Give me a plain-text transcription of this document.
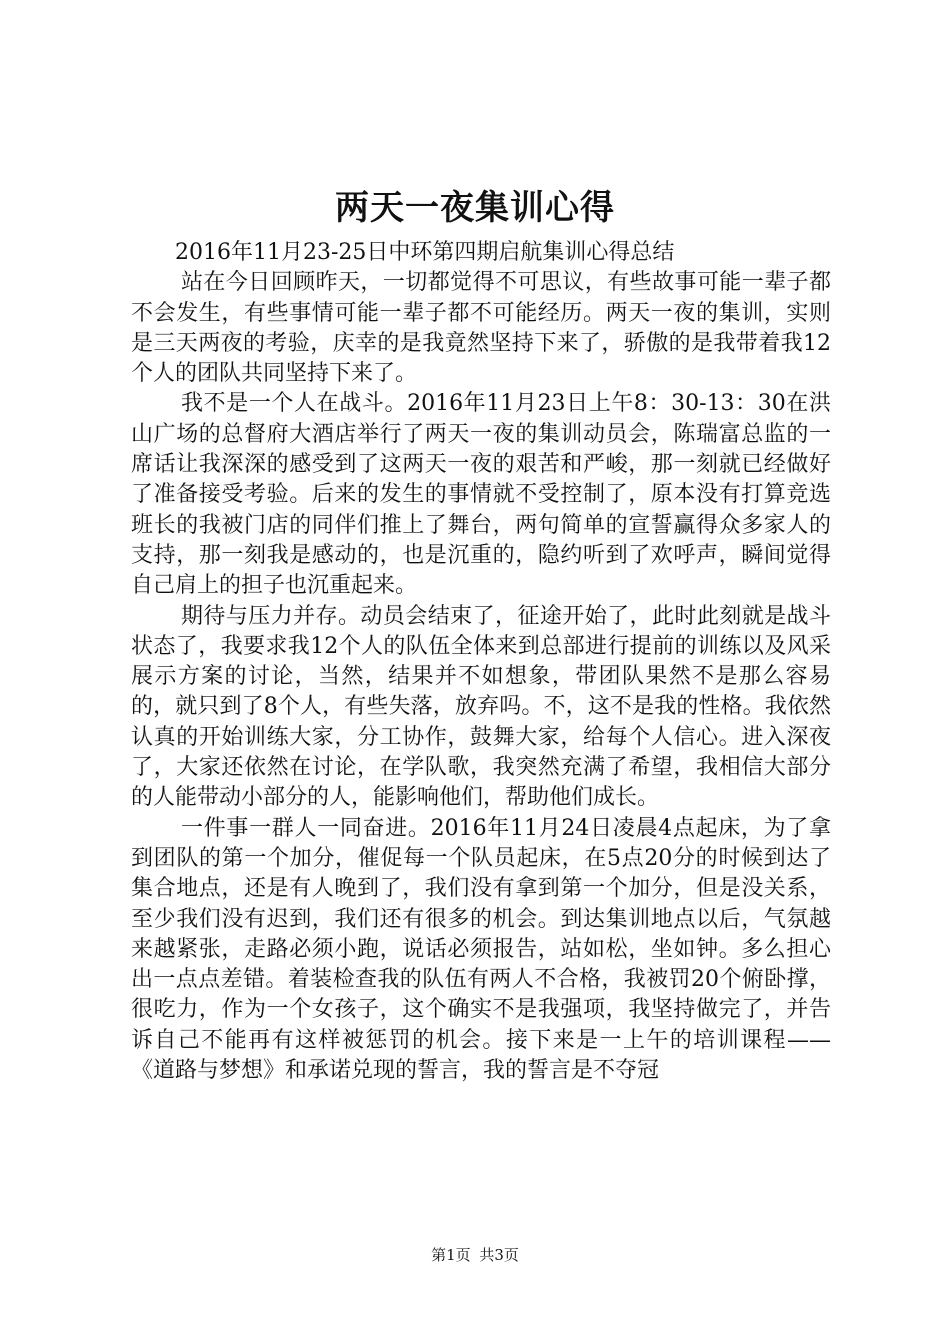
两天一夜集训心得

2016年11月23-25日中环第四期启航集训心得总结

站在今日回顾昨天，一切都觉得不可思议，有些故事可能一辈子都不会发生，有些事情可能一辈子都不可能经历。两天一夜的集训，实则是三天两夜的考验，庆幸的是我竟然坚持下来了，骄傲的是我带着我12个人的团队共同坚持下来了。

我不是一个人在战斗。2016年11月23日上午8：30-13：30在洪山广场的总督府大酒店举行了两天一夜的集训动员会，陈瑞富总监的一席话让我深深的感受到了这两天一夜的艰苦和严峻，那一刻就已经做好了准备接受考验。后来的发生的事情就不受控制了，原本没有打算竞选班长的我被门店的同伴们推上了舞台，两句简单的宣誓赢得众多家人的支持，那一刻我是感动的，也是沉重的，隐约听到了欢呼声，瞬间觉得自己肩上的担子也沉重起来。

期待与压力并存。动员会结束了，征途开始了，此时此刻就是战斗状态了，我要求我12个人的队伍全体来到总部进行提前的训练以及风采展示方案的讨论，当然，结果并不如想象，带团队果然不是那么容易的，就只到了8个人，有些失落，放弃吗。不，这不是我的性格。我依然认真的开始训练大家，分工协作，鼓舞大家，给每个人信心。进入深夜了，大家还依然在讨论，在学队歌，我突然充满了希望，我相信大部分的人能带动小部分的人，能影响他们，帮助他们成长。

一件事一群人一同奋进。2016年11月24日凌晨4点起床，为了拿到团队的第一个加分，催促每一个队员起床，在5点20分的时候到达了集合地点，还是有人晚到了，我们没有拿到第一个加分，但是没关系，至少我们没有迟到，我们还有很多的机会。到达集训地点以后，气氛越来越紧张，走路必须小跑，说话必须报告，站如松，坐如钟。多么担心出一点点差错。着装检查我的队伍有两人不合格，我被罚20个俯卧撑，很吃力，作为一个女孩子，这个确实不是我强项，我坚持做完了，并告诉自己不能再有这样被惩罚的机会。接下来是一上午的培训课程——《道路与梦想》和承诺兑现的誓言，我的誓言是不夺冠

第1页 共3页
